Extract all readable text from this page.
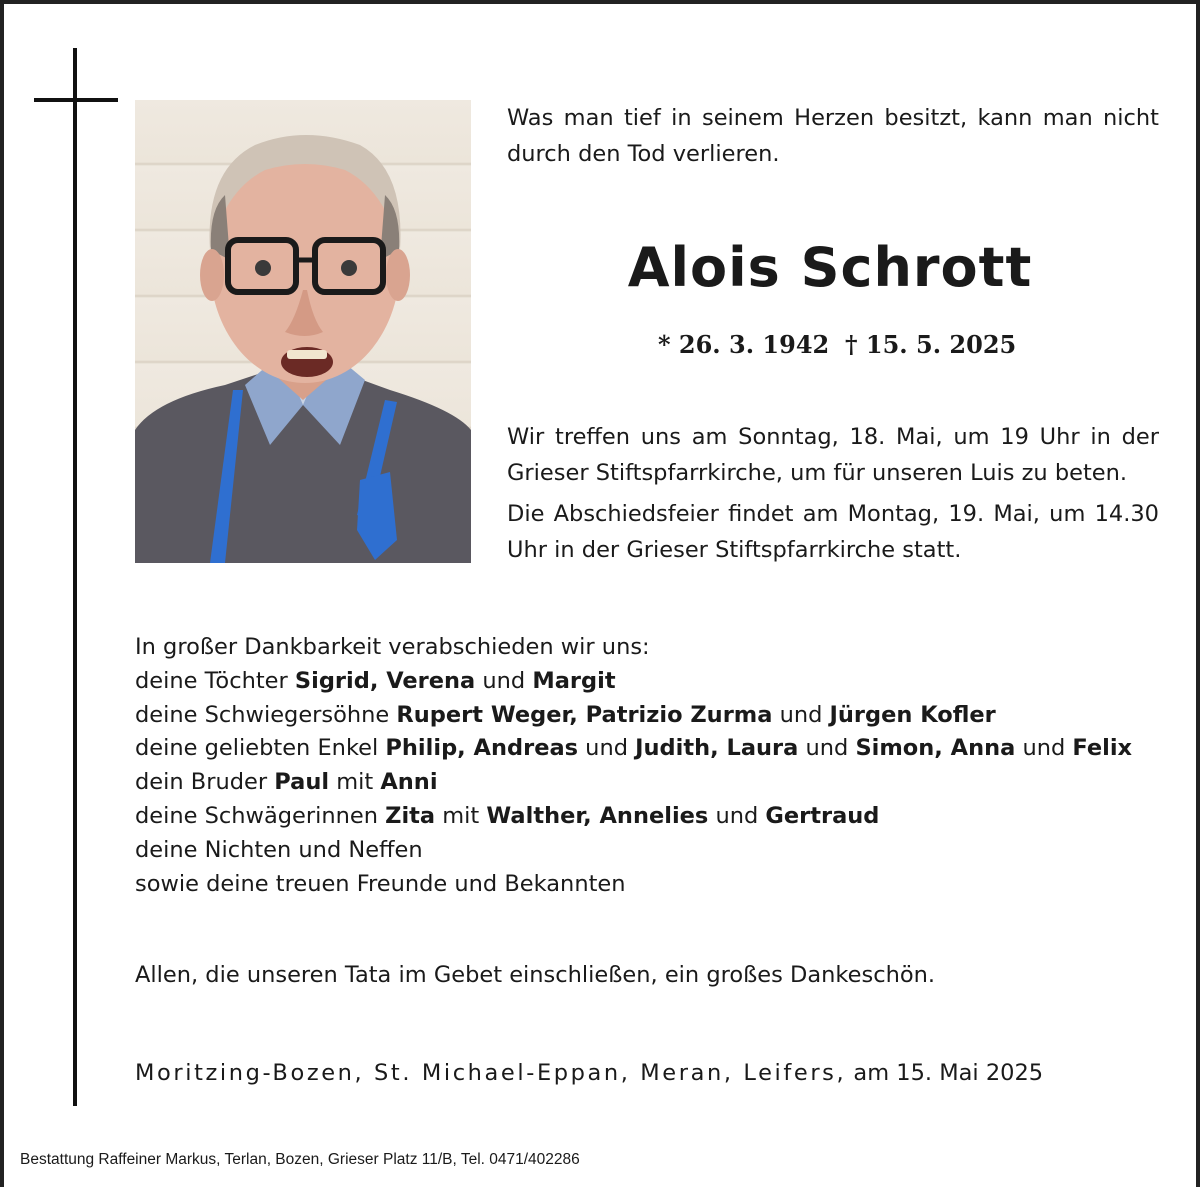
Was man tief in seinem Herzen besitzt, kann man nicht

durch den Tod verlieren.

Alois Schrott

* 26. 3. 1942 † 15. 5. 2025

Wir treffen uns am Sonntag, 18. Mai, um 19 Uhr in der

Grieser Stiftspfarrkirche, um für unseren Luis zu beten.

Die Abschiedsfeier findet am Montag, 19. Mai, um 14.30

Uhr in der Grieser Stiftspfarrkirche statt.

In großer Dankbarkeit verabschieden wir uns:
deine Töchter Sigrid, Verena und Margit
deine Schwiegersöhne Rupert Weger, Patrizio Zurma und Jürgen Kofler
deine geliebten Enkel Philip, Andreas und Judith, Laura und Simon, Anna und Felix
dein Bruder Paul mit Anni
deine Schwägerinnen Zita mit Walther, Annelies und Gertraud
deine Nichten und Neffen
sowie deine treuen Freunde und Bekannten

Allen, die unseren Tata im Gebet einschließen, ein großes Dankeschön.

Moritzing-Bozen, St. Michael-Eppan, Meran, Leifers, am 15. Mai 2025

Bestattung Raffeiner Markus, Terlan, Bozen, Grieser Platz 11/B, Tel. 0471/402286
